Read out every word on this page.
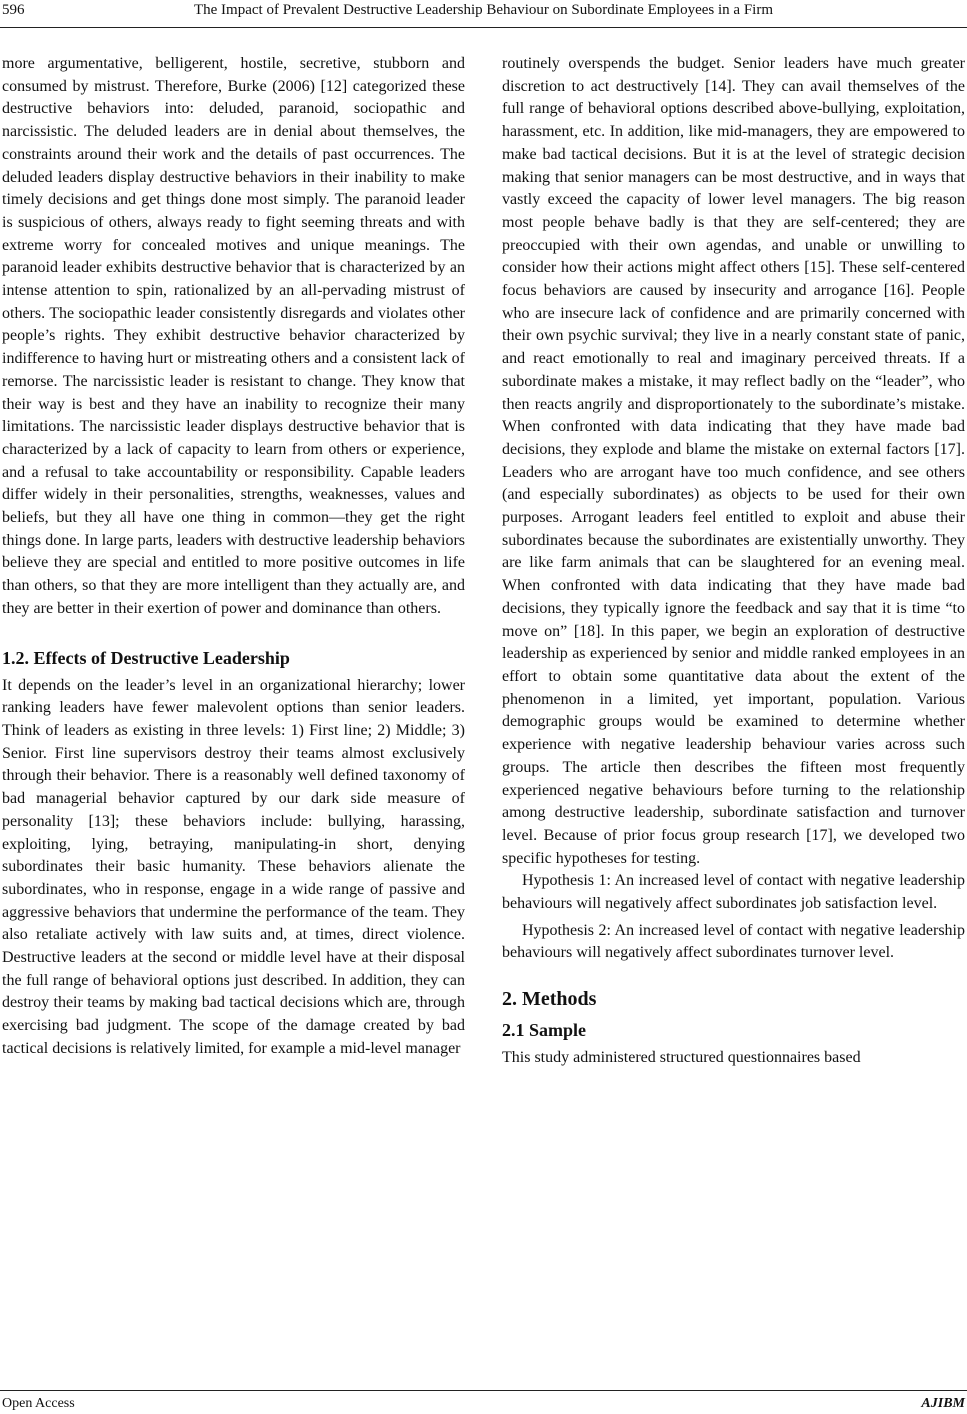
596	The Impact of Prevalent Destructive Leadership Behaviour on Subordinate Employees in a Firm

more argumentative, belligerent, hostile, secretive, stubborn and consumed by mistrust. Therefore, Burke (2006) [12] categorized these destructive behaviors into: deluded, paranoid, sociopathic and narcissistic. The deluded leaders are in denial about themselves, the constraints around their work and the details of past occurrences. The deluded leaders display destructive behaviors in their inability to make timely decisions and get things done most simply. The paranoid leader is suspicious of others, always ready to fight seeming threats and with extreme worry for concealed motives and unique meanings. The paranoid leader exhibits destructive behavior that is characterized by an intense attention to spin, rationalized by an all-pervading mistrust of others. The sociopathic leader consistently disregards and violates other people’s rights. They exhibit destructive behavior characterized by indifference to having hurt or mistreating others and a consistent lack of remorse. The narcissistic leader is resistant to change. They know that their way is best and they have an inability to recognize their many limitations. The narcissistic leader displays destructive behavior that is characterized by a lack of capacity to learn from others or experience, and a refusal to take accountability or responsibility. Capable leaders differ widely in their personalities, strengths, weaknesses, values and beliefs, but they all have one thing in common—they get the right things done. In large parts, leaders with destructive leadership behaviors believe they are special and entitled to more positive outcomes in life than others, so that they are more intelligent than they actually are, and they are better in their exertion of power and dominance than others.

1.2. Effects of Destructive Leadership

It depends on the leader’s level in an organizational hierarchy; lower ranking leaders have fewer malevolent options than senior leaders. Think of leaders as existing in three levels: 1) First line; 2) Middle; 3) Senior. First line supervisors destroy their teams almost exclusively through their behavior. There is a reasonably well defined taxonomy of bad managerial behavior captured by our dark side measure of personality [13]; these behaviors include: bullying, harassing, exploiting, lying, betraying, manipulating-in short, denying subordinates their basic humanity. These behaviors alienate the subordinates, who in response, engage in a wide range of passive and aggressive behaviors that undermine the performance of the team. They also retaliate actively with law suits and, at times, direct violence. Destructive leaders at the second or middle level have at their disposal the full range of behavioral options just described. In addition, they can destroy their teams by making bad tactical decisions which are, through exercising bad judgment. The scope of the damage created by bad tactical decisions is relatively limited, for example a mid-level manager

routinely overspends the budget. Senior leaders have much greater discretion to act destructively [14]. They can avail themselves of the full range of behavioral options described above-bullying, exploitation, harassment, etc. In addition, like mid-managers, they are empowered to make bad tactical decisions. But it is at the level of strategic decision making that senior managers can be most destructive, and in ways that vastly exceed the capacity of lower level managers. The big reason most people behave badly is that they are self-centered; they are preoccupied with their own agendas, and unable or unwilling to consider how their actions might affect others [15]. These self-centered focus behaviors are caused by insecurity and arrogance [16]. People who are insecure lack of confidence and are primarily concerned with their own psychic survival; they live in a nearly constant state of panic, and react emotionally to real and imaginary perceived threats. If a subordinate makes a mistake, it may reflect badly on the “leader”, who then reacts angrily and disproportionately to the subordinate’s mistake. When confronted with data indicating that they have made bad decisions, they explode and blame the mistake on external factors [17]. Leaders who are arrogant have too much confidence, and see others (and especially subordinates) as objects to be used for their own purposes. Arrogant leaders feel entitled to exploit and abuse their subordinates because the subordinates are existentially unworthy. They are like farm animals that can be slaughtered for an evening meal. When confronted with data indicating that they have made bad decisions, they typically ignore the feedback and say that it is time “to move on” [18]. In this paper, we begin an exploration of destructive leadership as experienced by senior and middle ranked employees in an effort to obtain some quantitative data about the extent of the phenomenon in a limited, yet important, population. Various demographic groups would be examined to determine whether experience with negative leadership behaviour varies across such groups. The article then describes the fifteen most frequently experienced negative behaviours before turning to the relationship among destructive leadership, subordinate satisfaction and turnover level. Because of prior focus group research [17], we developed two specific hypotheses for testing.

Hypothesis 1: An increased level of contact with negative leadership behaviours will negatively affect subordinates job satisfaction level.

Hypothesis 2: An increased level of contact with negative leadership behaviours will negatively affect subordinates turnover level.

2. Methods
2.1 Sample

This study administered structured questionnaires based

Open Access	AJIBM
